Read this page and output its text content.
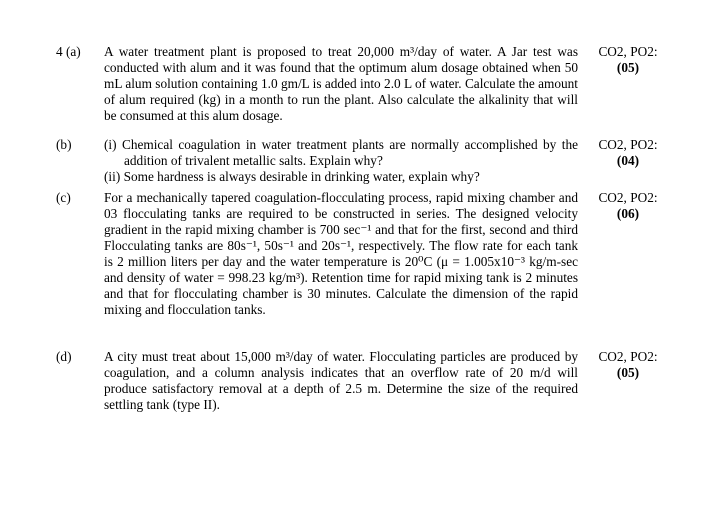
4 (a) A water treatment plant is proposed to treat 20,000 m³/day of water. A Jar test was conducted with alum and it was found that the optimum alum dosage obtained when 50 mL alum solution containing 1.0 gm/L is added into 2.0 L of water. Calculate the amount of alum required (kg) in a month to run the plant. Also calculate the alkalinity that will be consumed at this alum dosage.
CO2, PO2:
(05)
(b) (i) Chemical coagulation in water treatment plants are normally accomplished by the addition of trivalent metallic salts. Explain why?

(ii) Some hardness is always desirable in drinking water, explain why?

CO2, PO2:
(04)
(c) For a mechanically tapered coagulation-flocculating process, rapid mixing chamber and 03 flocculating tanks are required to be constructed in series. The designed velocity gradient in the rapid mixing chamber is 700 sec⁻¹ and that for the first, second and third Flocculating tanks are 80s⁻¹, 50s⁻¹ and 20s⁻¹, respectively. The flow rate for each tank is 2 million liters per day and the water temperature is 20⁰C (μ = 1.005x10⁻³ kg/m-sec and density of water = 998.23 kg/m³). Retention time for rapid mixing tank is 2 minutes and that for flocculating chamber is 30 minutes. Calculate the dimension of the rapid mixing and flocculation tanks.
CO2, PO2:
(06)
(d) A city must treat about 15,000 m³/day of water. Flocculating particles are produced by coagulation, and a column analysis indicates that an overflow rate of 20 m/d will produce satisfactory removal at a depth of 2.5 m. Determine the size of the required settling tank (type II).
CO2, PO2:
(05)
